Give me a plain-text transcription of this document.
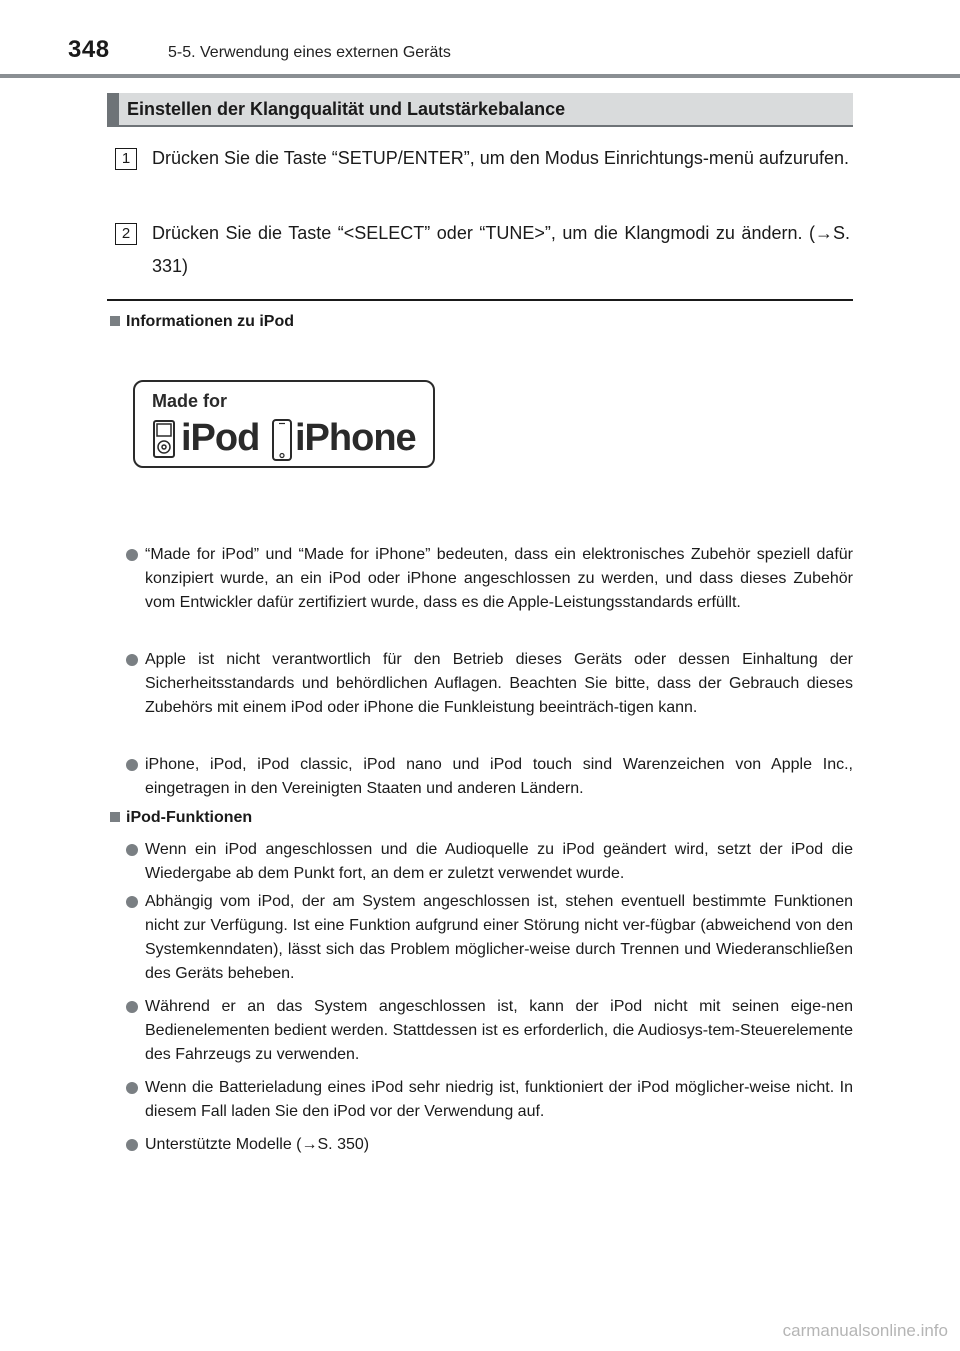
348	5-5. Verwendung eines externen Geräts
Einstellen der Klangqualität und Lautstärkebalance
1	Drücken Sie die Taste “SETUP/ENTER”, um den Modus Einrichtungs-menü aufzurufen.
2	Drücken Sie die Taste “<SELECT” oder “TUNE>”, um die Klangmodi zu ändern. (→S. 331)
Informationen zu iPod
Made for
iPod iPhone
“Made for iPod” und “Made for iPhone” bedeuten, dass ein elektronisches Zubehör speziell dafür konzipiert wurde, an ein iPod oder iPhone angeschlossen zu werden, und dass dieses Zubehör vom Entwickler dafür zertifiziert wurde, dass es die Apple-Leistungsstandards erfüllt.
Apple ist nicht verantwortlich für den Betrieb dieses Geräts oder dessen Einhaltung der Sicherheitsstandards und behördlichen Auflagen. Beachten Sie bitte, dass der Gebrauch dieses Zubehörs mit einem iPod oder iPhone die Funkleistung beeinträch-tigen kann.
iPhone, iPod, iPod classic, iPod nano und iPod touch sind Warenzeichen von Apple Inc., eingetragen in den Vereinigten Staaten und anderen Ländern.
iPod-Funktionen
Wenn ein iPod angeschlossen und die Audioquelle zu iPod geändert wird, setzt der iPod die Wiedergabe ab dem Punkt fort, an dem er zuletzt verwendet wurde.
Abhängig vom iPod, der am System angeschlossen ist, stehen eventuell bestimmte Funktionen nicht zur Verfügung. Ist eine Funktion aufgrund einer Störung nicht ver-fügbar (abweichend von den Systemkenndaten), lässt sich das Problem möglicher-weise durch Trennen und Wiederanschließen des Geräts beheben.
Während er an das System angeschlossen ist, kann der iPod nicht mit seinen eige-nen Bedienelementen bedient werden. Stattdessen ist es erforderlich, die Audiosys-tem-Steuerelemente des Fahrzeugs zu verwenden.
Wenn die Batterieladung eines iPod sehr niedrig ist, funktioniert der iPod möglicher-weise nicht. In diesem Fall laden Sie den iPod vor der Verwendung auf.
Unterstützte Modelle (→S. 350)
carmanualsonline.info
